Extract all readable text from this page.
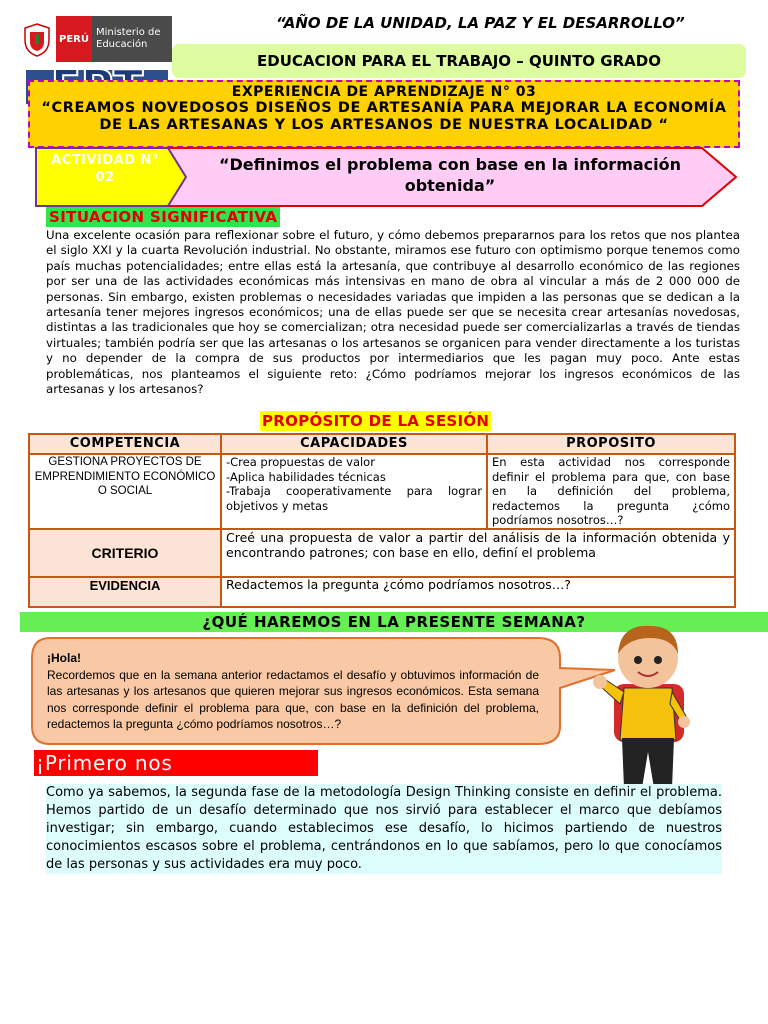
“AÑO DE LA UNIDAD, LA PAZ Y EL DESARROLLO”
PERÚ
Ministerio de Educación
EDUCACION PARA EL TRABAJO – QUINTO GRADO
EXPERIENCIA DE APRENDIZAJE N° 03
“CREAMOS NOVEDOSOS DISEÑOS DE ARTESANÍA PARA MEJORAR LA ECONOMÍA DE LAS ARTESANAS Y LOS ARTESANOS DE NUESTRA LOCALIDAD “
ACTIVIDAD N° 02
“Definimos el problema con base en la información obtenida”
SITUACION SIGNIFICATIVA
Una excelente ocasión para reflexionar sobre el futuro, y cómo debemos prepararnos para los retos que nos plantea el siglo XXI y la cuarta Revolución industrial. No obstante, miramos ese futuro con optimismo porque tenemos como país muchas potencialidades; entre ellas está la artesanía, que contribuye al desarrollo económico de las regiones por ser una de las actividades económicas más intensivas en mano de obra al vincular a más de 2 000 000 de personas. Sin embargo, existen problemas o necesidades variadas que impiden a las personas que se dedican a la artesanía tener mejores ingresos económicos; una de ellas puede ser que se necesita crear artesanías novedosas, distintas a las tradicionales que hoy se comercializan; otra necesidad puede ser comercializarlas a través de tiendas virtuales; también podría ser que las artesanas o los artesanos se organicen para vender directamente a los turistas y no depender de la compra de sus productos por intermediarios que les pagan muy poco. Ante estas problemáticas, nos planteamos el siguiente reto: ¿Cómo podríamos mejorar los ingresos económicos de las artesanas y los artesanos?
PROPÓSITO DE LA SESIÓN
COMPETENCIA	CAPACIDADES	PROPOSITO
GESTIONA PROYECTOS DE EMPRENDIMIENTO ECONÓMICO O SOCIAL	-Crea propuestas de valor
-Aplica habilidades técnicas
-Trabaja cooperativamente para lograr objetivos y metas	En esta actividad nos corresponde definir el problema para que, con base en la definición del problema, redactemos la pregunta ¿cómo podríamos nosotros…?
CRITERIO	Creé una propuesta de valor a partir del análisis de la información obtenida y encontrando patrones; con base en ello, definí el problema	
EVIDENCIA	Redactemos la pregunta ¿cómo podríamos nosotros…?	
¿QUÉ HAREMOS EN LA PRESENTE SEMANA?
¡Hola!
Recordemos que en la semana anterior redactamos el desafío y obtuvimos información de las artesanas y los artesanos que quieren mejorar sus ingresos económicos. Esta semana nos corresponde definir el problema para que, con base en la definición del problema, redactemos la pregunta ¿cómo podríamos nosotros…?
¡Primero nos
Como ya sabemos, la segunda fase de la metodología Design Thinking consiste en definir el problema. Hemos partido de un desafío determinado que nos sirvió para establecer el marco que debíamos investigar; sin embargo, cuando establecimos ese desafío, lo hicimos partiendo de nuestros conocimientos escasos sobre el problema, centrándonos en lo que sabíamos, pero lo que conocíamos de las personas y sus actividades era muy poco.
